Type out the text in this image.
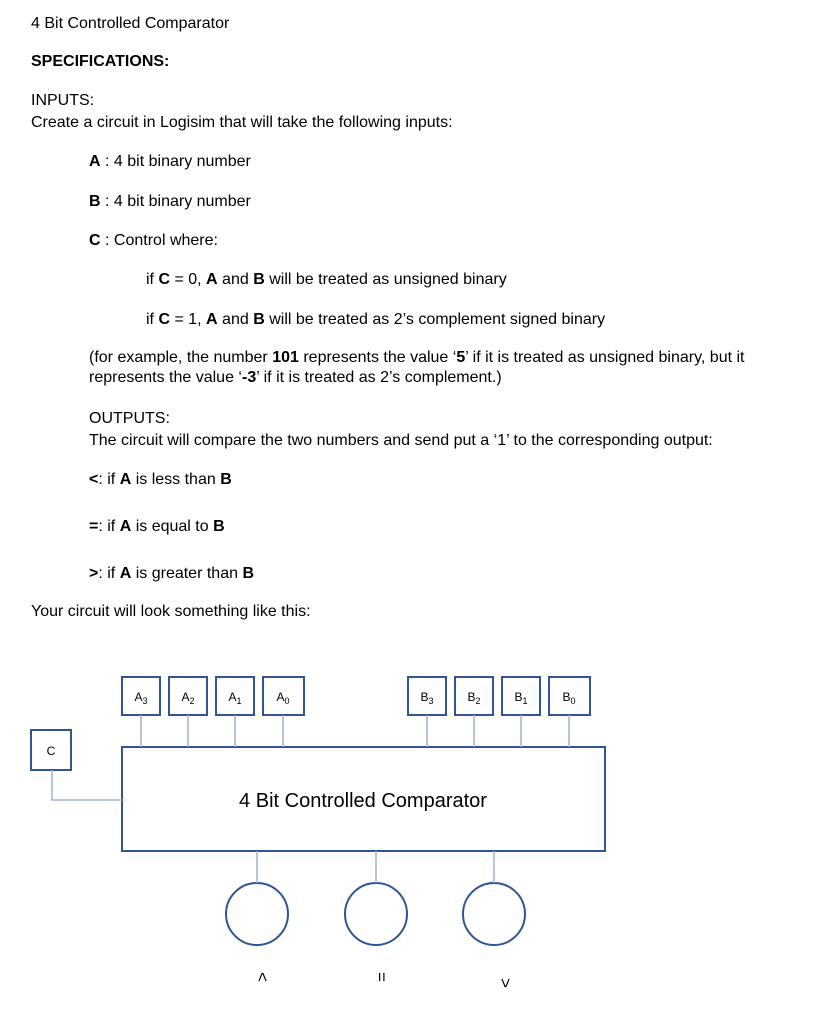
4 Bit Controlled Comparator
SPECIFICATIONS:
INPUTS:
Create a circuit in Logisim that will take the following inputs:
A : 4 bit binary number
B : 4 bit binary number
C : Control where:
if C = 0, A and B will be treated as unsigned binary
if C = 1, A and B will be treated as 2’s complement signed binary
(for example, the number 101 represents the value ‘5’ if it is treated as unsigned binary, but it represents the value ‘-3’ if it is treated as 2’s complement.)
OUTPUTS:
The circuit will compare the two numbers and send put a ‘1’ to the corresponding output:
<: if A is less than B
=: if A is equal to B
>: if A is greater than B
Your circuit will look something like this:
$A_3$	$A_2$	$A_1$	$A_0$	$B_3$	$B_2$	$B_1$	$B_0$
C
4 Bit Controlled Comparator
<	=
>
